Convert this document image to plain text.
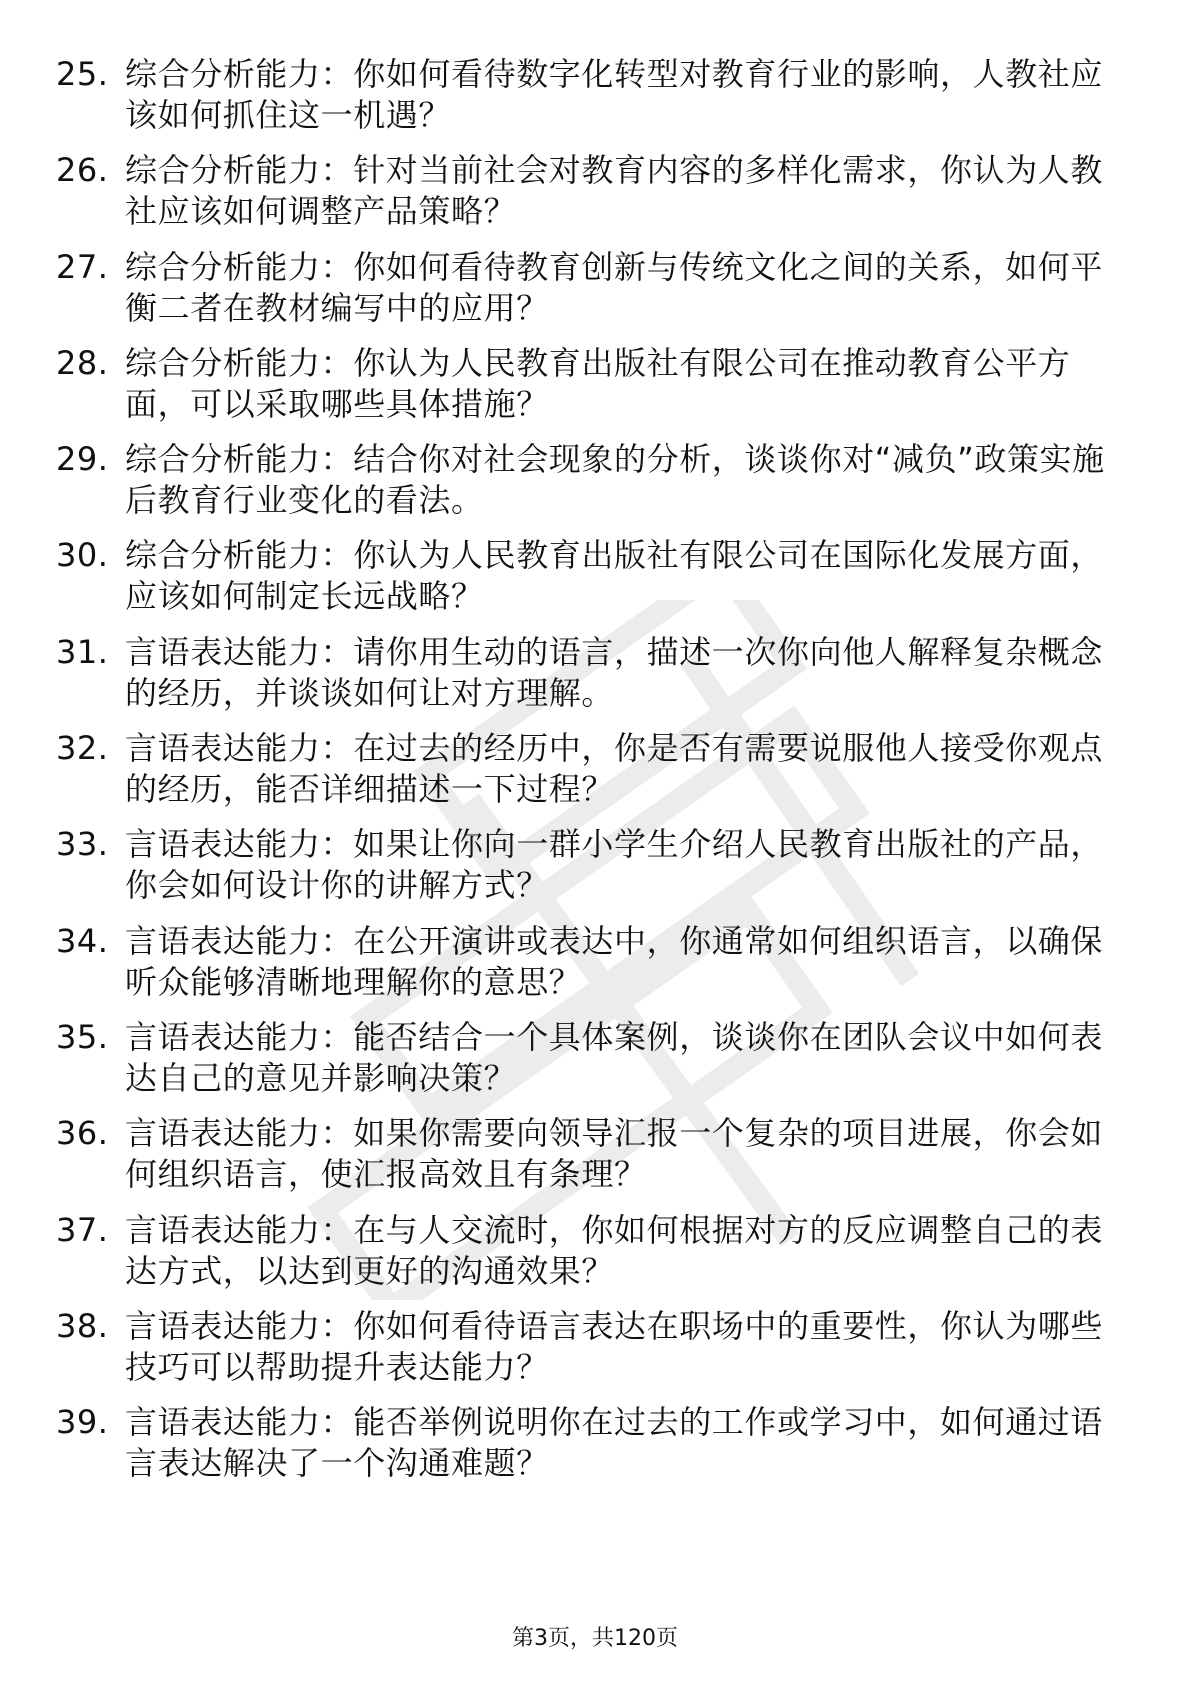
25. 综合分析能力：你如何看待数字化转型对教育行业的影响，人教社应该如何抓住这一机遇？
26. 综合分析能力：针对当前社会对教育内容的多样化需求，你认为人教社应该如何调整产品策略？
27. 综合分析能力：你如何看待教育创新与传统文化之间的关系，如何平衡二者在教材编写中的应用？
28. 综合分析能力：你认为人民教育出版社有限公司在推动教育公平方面，可以采取哪些具体措施？
29. 综合分析能力：结合你对社会现象的分析，谈谈你对“减负”政策实施后教育行业变化的看法。
30. 综合分析能力：你认为人民教育出版社有限公司在国际化发展方面，应该如何制定长远战略？
31. 言语表达能力：请你用生动的语言，描述一次你向他人解释复杂概念的经历，并谈谈如何让对方理解。
32. 言语表达能力：在过去的经历中，你是否有需要说服他人接受你观点的经历，能否详细描述一下过程？
33. 言语表达能力：如果让你向一群小学生介绍人民教育出版社的产品，你会如何设计你的讲解方式？
34. 言语表达能力：在公开演讲或表达中，你通常如何组织语言，以确保听众能够清晰地理解你的意思？
35. 言语表达能力：能否结合一个具体案例，谈谈你在团队会议中如何表达自己的意见并影响决策？
36. 言语表达能力：如果你需要向领导汇报一个复杂的项目进展，你会如何组织语言，使汇报高效且有条理？
37. 言语表达能力：在与人交流时，你如何根据对方的反应调整自己的表达方式，以达到更好的沟通效果？
38. 言语表达能力：你如何看待语言表达在职场中的重要性，你认为哪些技巧可以帮助提升表达能力？
39. 言语表达能力：能否举例说明你在过去的工作或学习中，如何通过语言表达解决了一个沟通难题？
第3页，共120页
